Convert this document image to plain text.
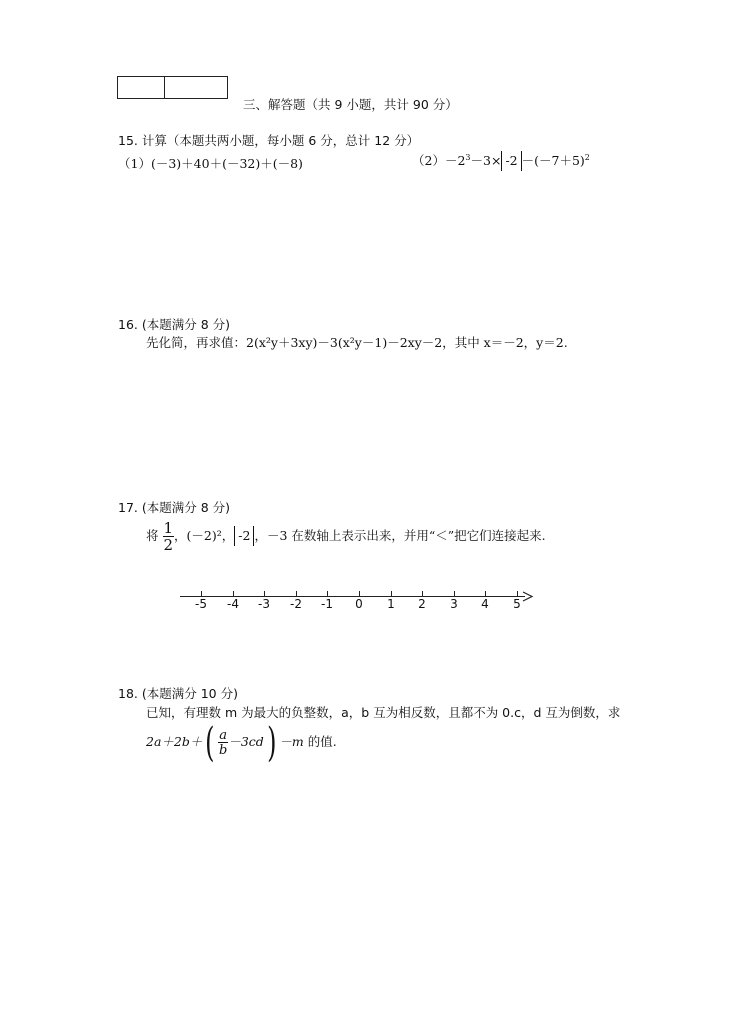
三、解答题（共 9 小题，共计 90 分）
15. 计算（本题共两小题，每小题 6 分，总计 12 分）
（1）(－3)＋40＋(－32)＋(－8)	$(2)-2^3-3\times -2 -(-7+5)^2$
16. (本题满分 8 分)
先化简，再求值：2(x²y＋3xy)－3(x²y－1)－2xy－2，其中 x＝－2，y＝2.
17. (本题满分 8 分)
将 $\frac{1}{2}$ ，(－2)²， -2 ，－3 在数轴上表示出来，并用“＜”把它们连接起来.
-5 -4 -3 -2 -1 0 1 2 3 4 5
18. (本题满分 10 分)
已知，有理数 m 为最大的负整数，a，b 互为相反数，且都不为 0.c，d 互为倒数，求
$2a+2b+( \frac{a}{b} -3cd) -m$ 的值.
